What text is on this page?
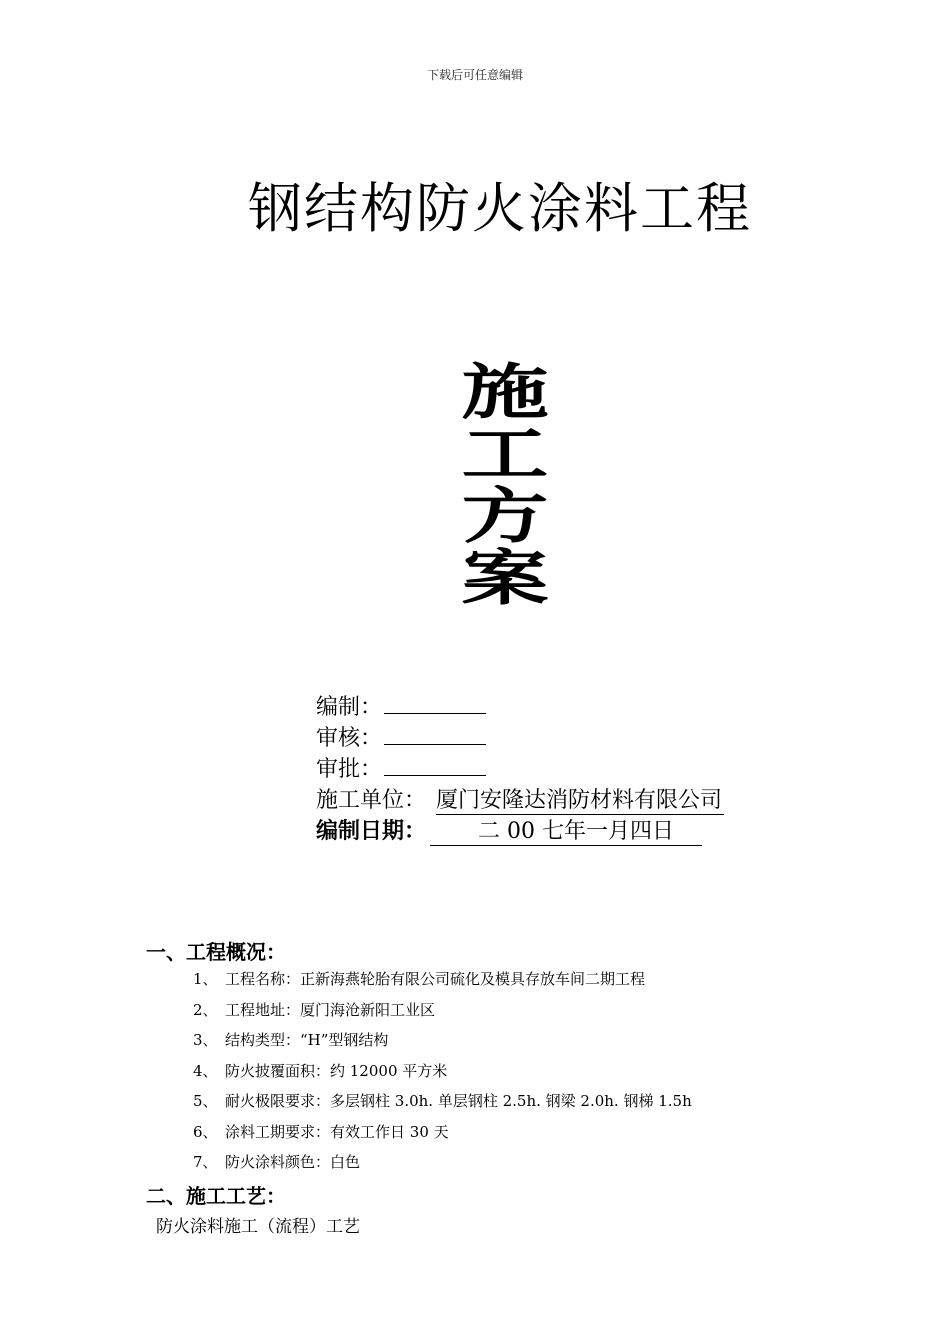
下载后可任意编辑
钢结构防火涂料工程
施
工
方
案
编制：
审核：
审批：
施工单位： 厦门安隆达消防材料有限公司
编制日期：	二 00 七年一月四日
一、工程概况：
1、 工程名称：正新海燕轮胎有限公司硫化及模具存放车间二期工程
2、 工程地址：厦门海沧新阳工业区
3、 结构类型：“H”型钢结构
4、 防火披覆面积：约 12000 平方米
5、 耐火极限要求：多层钢柱 3.0h. 单层钢柱 2.5h. 钢梁 2.0h. 钢梯 1.5h
6、 涂料工期要求：有效工作日 30 天
7、 防火涂料颜色：白色
二、施工工艺：
防火涂料施工（流程）工艺
